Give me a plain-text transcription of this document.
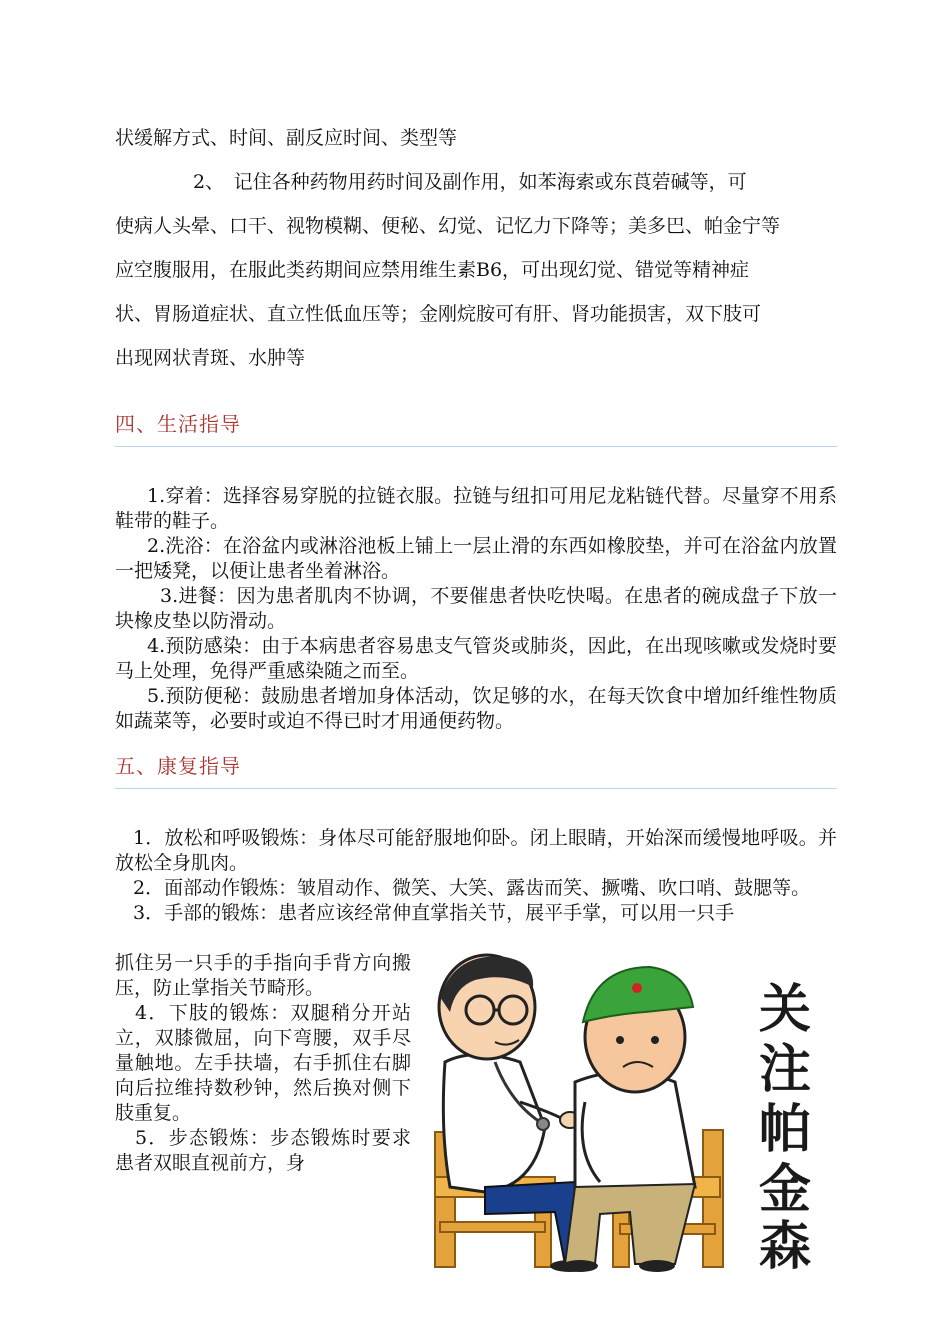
状缓解方式、时间、副反应时间、类型等
2、　记住各种药物用药时间及副作用，如苯海索或东莨菪碱等，可
使病人头晕、口干、视物模糊、便秘、幻觉、记忆力下降等；美多巴、帕金宁等
应空腹服用，在服此类药期间应禁用维生素B6，可出现幻觉、错觉等精神症
状、胃肠道症状、直立性低血压等；金刚烷胺可有肝、肾功能损害，双下肢可
出现网状青斑、水肿等
四、生活指导

1.穿着：选择容易穿脱的拉链衣服。拉链与纽扣可用尼龙粘链代替。尽量穿不用系鞋带的鞋子。

2.洗浴：在浴盆内或淋浴池板上铺上一层止滑的东西如橡胶垫，并可在浴盆内放置一把矮凳，以便让患者坐着淋浴。

3.进餐：因为患者肌肉不协调，不要催患者快吃快喝。在患者的碗成盘子下放一块橡皮垫以防滑动。

4.预防感染：由于本病患者容易患支气管炎或肺炎，因此，在出现咳嗽或发烧时要马上处理，免得严重感染随之而至。

5.预防便秘：鼓励患者增加身体活动，饮足够的水，在每天饮食中增加纤维性物质如蔬菜等，必要时或迫不得已时才用通便药物。

五、康复指导

1．放松和呼吸锻炼：身体尽可能舒服地仰卧。闭上眼睛，开始深而缓慢地呼吸。并放松全身肌肉。

2．面部动作锻炼：皱眉动作、微笑、大笑、露齿而笑、撅嘴、吹口哨、鼓腮等。

3．手部的锻炼：患者应该经常伸直掌指关节，展平手掌，可以用一只手

抓住另一只手的手指向手背方向搬压，防止掌指关节畸形。

4．下肢的锻炼：双腿稍分开站立，双膝微屈，向下弯腰，双手尽量触地。左手扶墙，右手抓住右脚向后拉维持数秒钟，然后换对侧下肢重复。

5．步态锻炼：步态锻炼时要求患者双眼直视前方，身

关
注
帕
金
森
